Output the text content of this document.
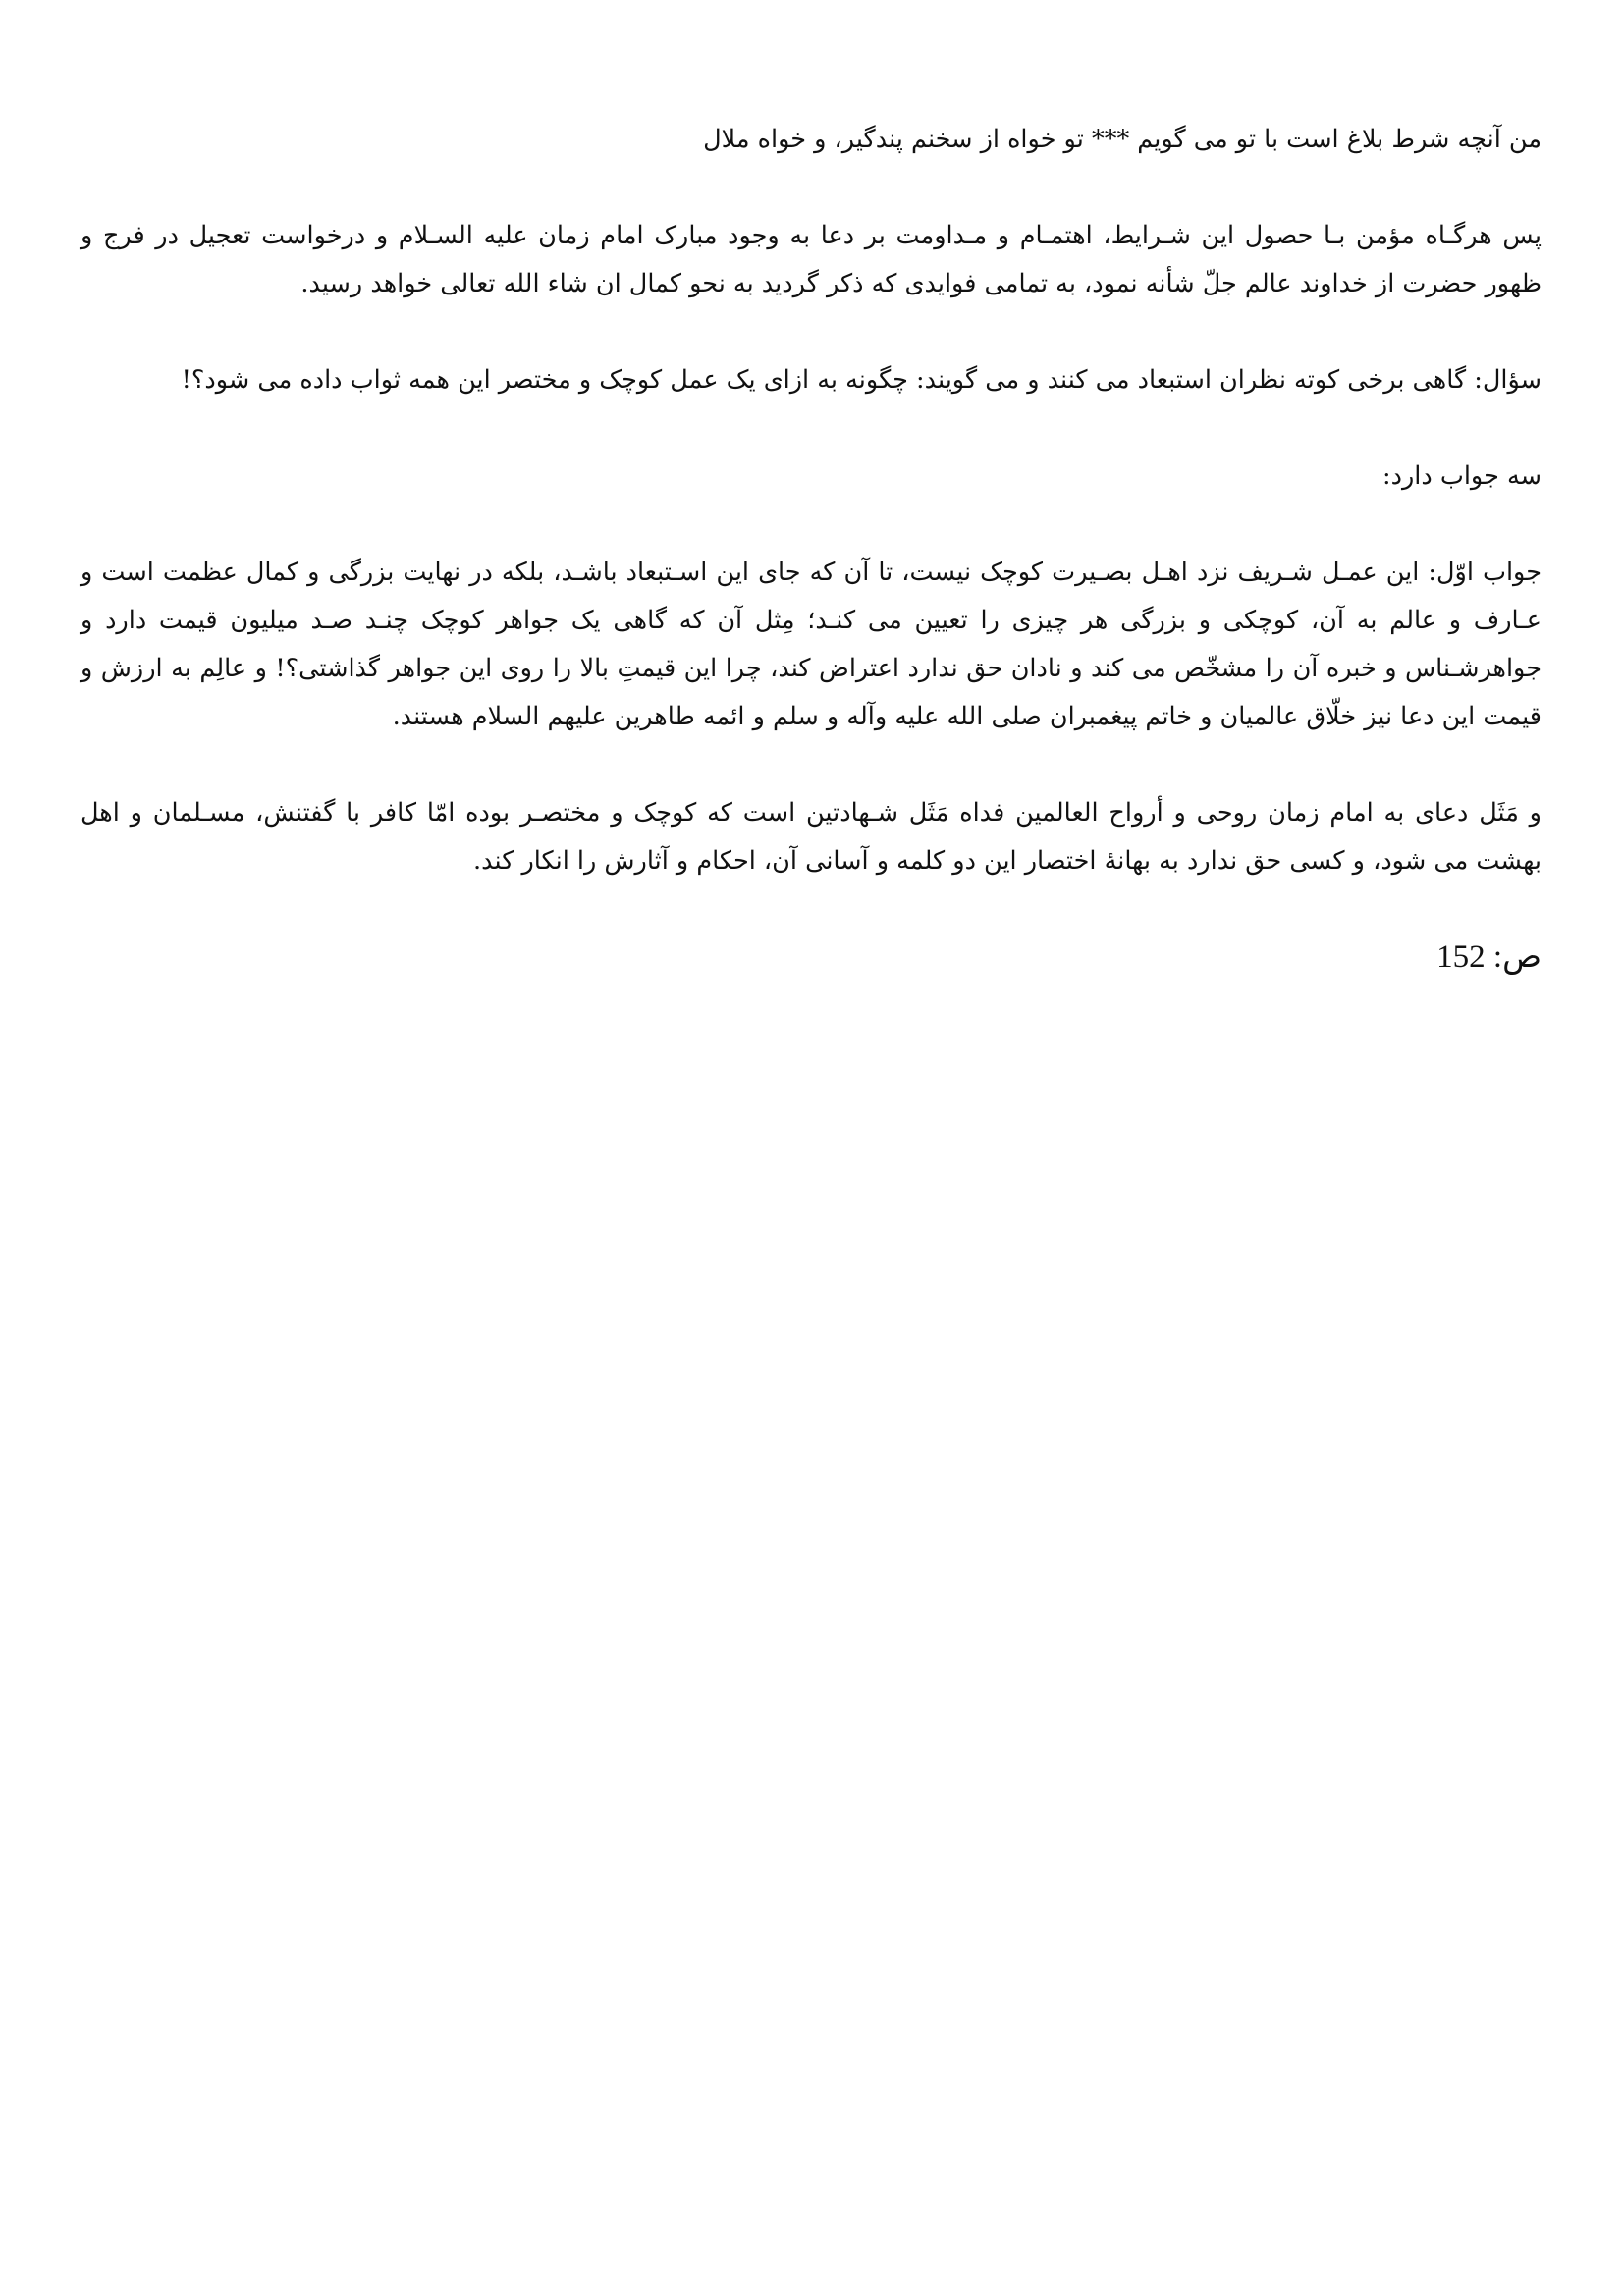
من آنچه شرط بلاغ است با تو می گویم *** تو خواه از سخنم پندگیر، و خواه ملال

پس هرگـاه مؤمن بـا حصول این شـرایط، اهتمـام و مـداومت بر دعا به وجود مبارک امام زمان علیه السـلام و درخواست تعجیل در فرج و ظهور حضرت از خداوند عالم جلّ شأنه نمود، به تمامی فوایدی که ذکر گردید به نحو کمال ان شاء الله تعالی خواهد رسید.

سؤال: گاهی برخی کوته نظران استبعاد می کنند و می گویند: چگونه به ازای یک عمل کوچک و مختصر این همه ثواب داده می شود؟!

سه جواب دارد:

جواب اوّل: این عمـل شـریف نزد اهـل بصـیرت کوچک نیست، تا آن که جای این اسـتبعاد باشـد، بلکه در نهایت بزرگی و کمال عظمت است و عـارف و عالم به آن، کوچکی و بزرگی هر چیزی را تعیین می کنـد؛ مِثل آن که گاهی یک جواهر کوچک چنـد صـد میلیون قیمت دارد و جواهرشـناس و خبره آن را مشخّص می کند و نادان حق ندارد اعتراض کند، چرا این قیمتِ بالا را روی این جواهر گذاشتی؟! و عالِم به ارزش و قیمت این دعا نیز خلّاق عالمیان و خاتم پیغمبران صلی الله علیه وآله و سلم و ائمه طاهرین علیهم السلام هستند.

و مَثَل دعای به امام زمان روحی و أرواح العالمین فداه مَثَل شـهادتین است که کوچک و مختصـر بوده امّا کافر با گفتنش، مسـلمان و اهل بهشت می شود، و کسی حق ندارد به بهانۀ اختصار این دو کلمه و آسانی آن، احکام و آثارش را انکار کند.

ص: 152
